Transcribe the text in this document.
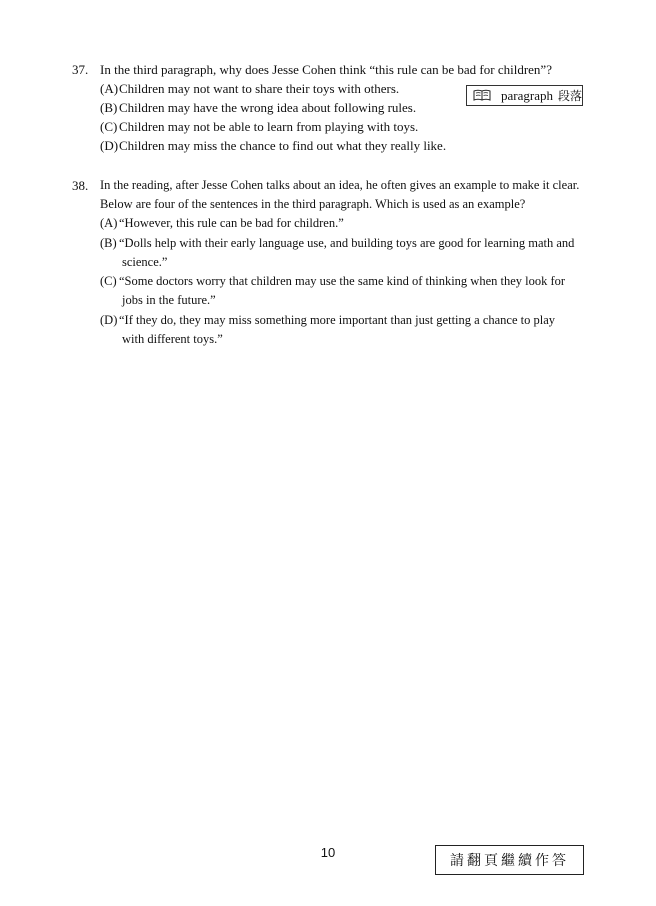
37. In the third paragraph, why does Jesse Cohen think “this rule can be bad for children”?
(A)Children may not want to share their toys with others.
(B) Children may have the wrong idea about following rules.
(C) Children may not be able to learn from playing with toys.
(D)Children may miss the chance to find out what they really like.
paragraph 段落
38. In the reading, after Jesse Cohen talks about an idea, he often gives an example to make it clear.
Below are four of the sentences in the third paragraph. Which is used as an example?
(A) “However, this rule can be bad for children.”
(B) “Dolls help with their early language use, and building toys are good for learning math and
science.”
(C) “Some doctors worry that children may use the same kind of thinking when they look for
jobs in the future.”
(D) “If they do, they may miss something more important than just getting a chance to play
with different toys.”
10
請翻頁繼續作答
